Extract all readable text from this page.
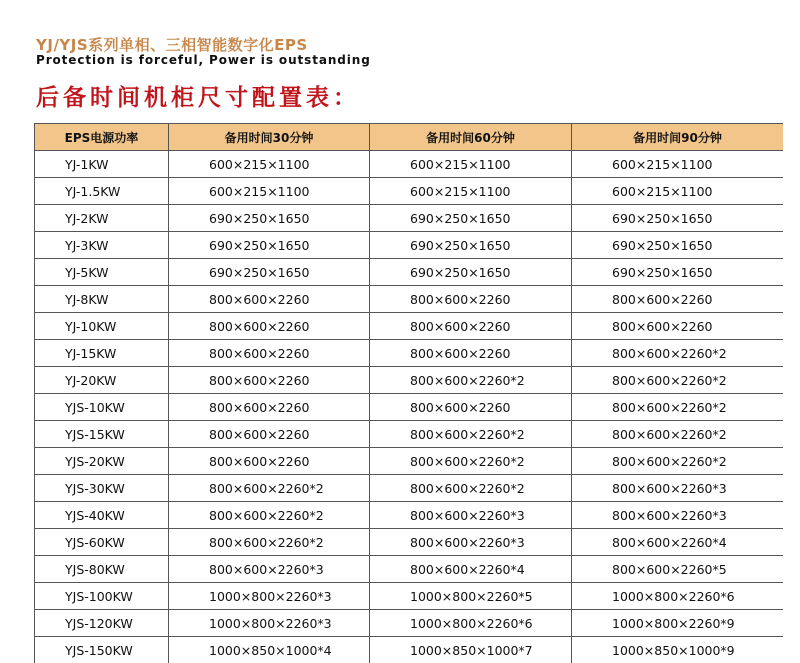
YJ/YJS系列单相、三相智能数字化EPS
Protection is forceful, Power is outstanding
后备时间机柜尺寸配置表：
EPS电源功率	备用时间30分钟	备用时间60分钟	备用时间90分钟
YJ-1KW	600×215×1100	600×215×1100	600×215×1100
YJ-1.5KW	600×215×1100	600×215×1100	600×215×1100
YJ-2KW	690×250×1650	690×250×1650	690×250×1650
YJ-3KW	690×250×1650	690×250×1650	690×250×1650
YJ-5KW	690×250×1650	690×250×1650	690×250×1650
YJ-8KW	800×600×2260	800×600×2260	800×600×2260
YJ-10KW	800×600×2260	800×600×2260	800×600×2260
YJ-15KW	800×600×2260	800×600×2260	800×600×2260*2
YJ-20KW	800×600×2260	800×600×2260*2	800×600×2260*2
YJS-10KW	800×600×2260	800×600×2260	800×600×2260*2
YJS-15KW	800×600×2260	800×600×2260*2	800×600×2260*2
YJS-20KW	800×600×2260	800×600×2260*2	800×600×2260*2
YJS-30KW	800×600×2260*2	800×600×2260*2	800×600×2260*3
YJS-40KW	800×600×2260*2	800×600×2260*3	800×600×2260*3
YJS-60KW	800×600×2260*2	800×600×2260*3	800×600×2260*4
YJS-80KW	800×600×2260*3	800×600×2260*4	800×600×2260*5
YJS-100KW	1000×800×2260*3	1000×800×2260*5	1000×800×2260*6
YJS-120KW	1000×800×2260*3	1000×800×2260*6	1000×800×2260*9
YJS-150KW	1000×850×1000*4	1000×850×1000*7	1000×850×1000*9
